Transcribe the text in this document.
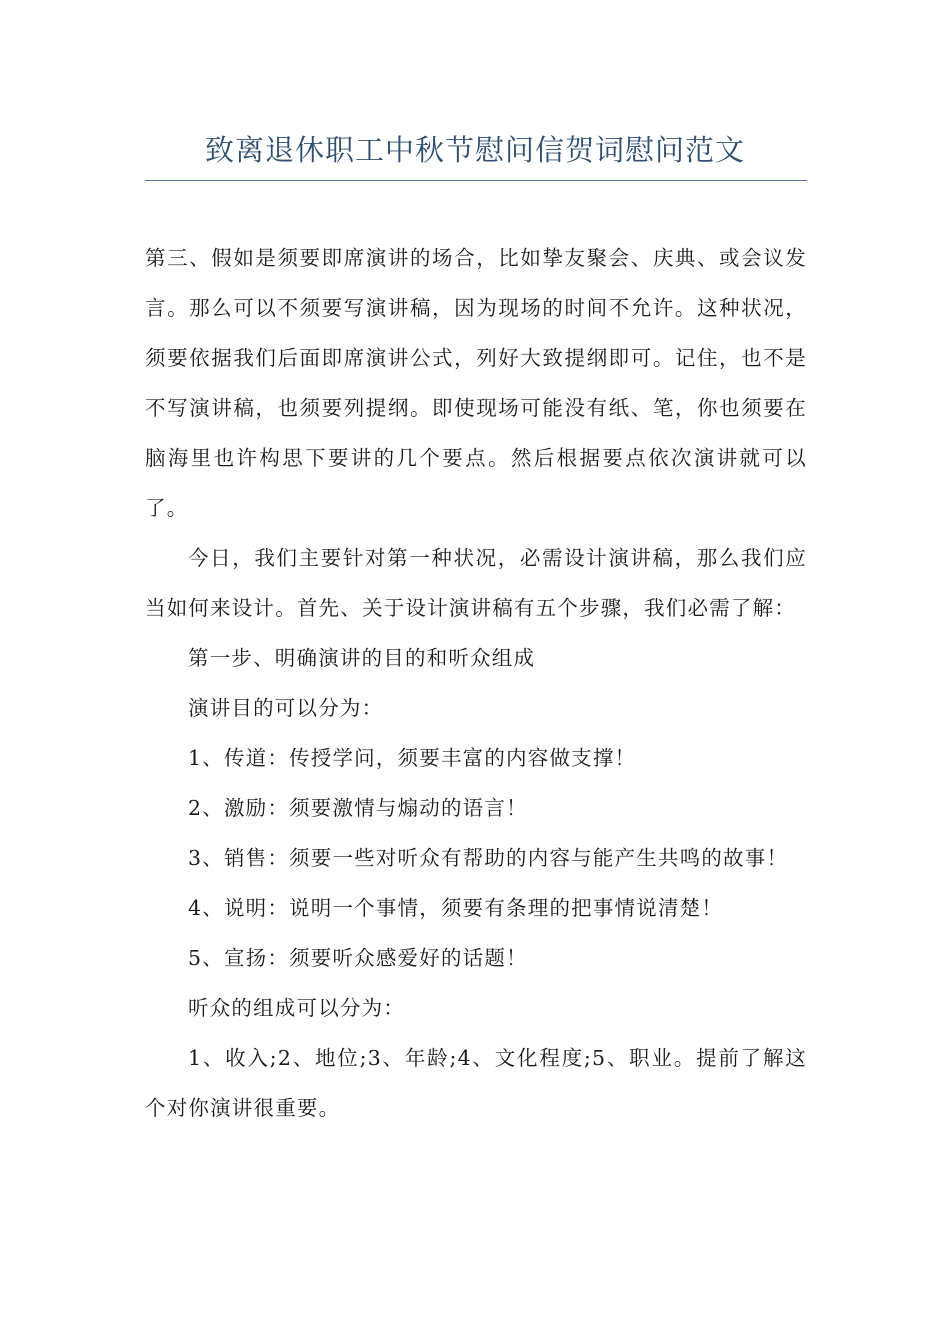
致离退休职工中秋节慰问信贺词慰问范文

第三、假如是须要即席演讲的场合，比如挚友聚会、庆典、或会议发言。那么可以不须要写演讲稿，因为现场的时间不允许。这种状况，须要依据我们后面即席演讲公式，列好大致提纲即可。记住，也不是不写演讲稿，也须要列提纲。即使现场可能没有纸、笔，你也须要在脑海里也许构思下要讲的几个要点。然后根据要点依次演讲就可以了。

今日，我们主要针对第一种状况，必需设计演讲稿，那么我们应当如何来设计。首先、关于设计演讲稿有五个步骤，我们必需了解：

第一步、明确演讲的目的和听众组成

演讲目的可以分为：

1、传道：传授学问，须要丰富的内容做支撑！

2、激励：须要激情与煽动的语言！

3、销售：须要一些对听众有帮助的内容与能产生共鸣的故事！

4、说明：说明一个事情，须要有条理的把事情说清楚！

5、宣扬：须要听众感爱好的话题！

听众的组成可以分为：

1、收入;2、地位;3、年龄;4、文化程度;5、职业。提前了解这个对你演讲很重要。
